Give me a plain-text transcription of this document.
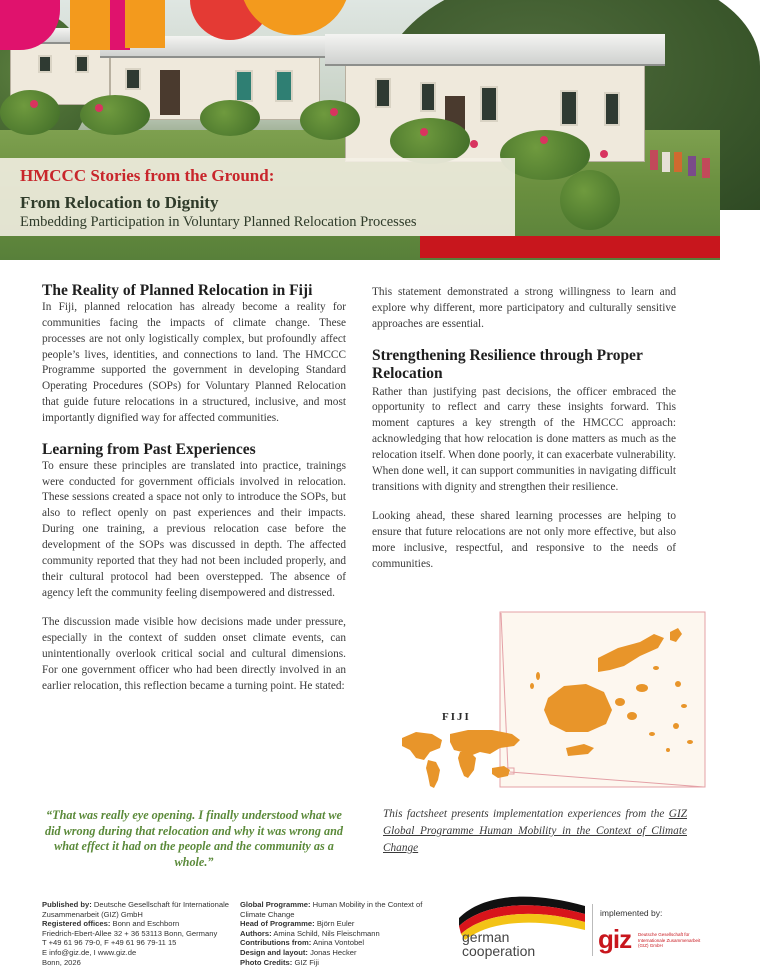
HMCCC Stories from the Ground:
From Relocation to Dignity
Embedding Participation in Voluntary Planned Relocation Processes
The Reality of Planned Relocation in Fiji

In Fiji, planned relocation has already become a reality for communities facing the impacts of climate change. These processes are not only logistically complex, but profoundly affect people’s lives, identities, and connections to land. The HMCCC Programme supported the government in developing Standard Operating Procedures (SOPs) for Voluntary Planned Relocation that guide future relocations in a structured, inclusive, and most importantly dignified way for affected communities.

Learning from Past Experiences

To ensure these principles are translated into practice, trainings were conducted for government officials involved in relocation. These sessions created a space not only to introduce the SOPs, but also to reflect openly on past experiences and their impacts. During one training, a previous relocation case before the development of the SOPs was discussed in depth. The affected community reported that they had not been included properly, and their cultural protocol had been overstepped. The absence of agency left the community feeling disempowered and distressed.

The discussion made visible how decisions made under pressure, especially in the context of sudden onset climate events, can unintentionally overlook critical social and cultural dimensions. For one government officer who had been directly involved in an earlier relocation, this reflection became a turning point. He stated:

“That was really eye opening. I finally understood what we did wrong during that relocation and why it was wrong and what effect it had on the people and the community as a whole.”

This statement demonstrated a strong willingness to learn and explore why different, more participatory and culturally sensitive approaches are essential.

Strengthening Resilience through Proper Relocation

Rather than justifying past decisions, the officer embraced the opportunity to reflect and carry these insights forward. This moment captures a key strength of the HMCCC approach: acknowledging that how relocation is done matters as much as the relocation itself. When done poorly, it can exacerbate vulnerability. When done well, it can support communities in navigating difficult transitions with dignity and strengthen their resilience.

Looking ahead, these shared learning processes are helping to ensure that future relocations are not only more effective, but also more inclusive, respectful, and responsive to the needs of communities.

FIJI
This factsheet presents implementation experiences from the GIZ Global Programme Human Mobility in the Context of Climate Change
Published by: Deutsche Gesellschaft für Internationale Zusammenarbeit (GIZ) GmbH
Registered offices: Bonn and Eschborn
Friedrich-Ebert-Allee 32 + 36 53113 Bonn, Germany
T +49 61 96 79-0, F +49 61 96 79-11 15
E info@giz.de, I www.giz.de
Bonn, 2026
Global Programme: Human Mobility in the Context of Climate Change
Head of Programme: Björn Euler
Authors: Amina Schild, Nils Fleischmann
Contributions from: Anina Vontobel
Design and layout: Jonas Hecker
Photo Credits: GIZ Fiji
german
cooperation
implemented by:
giz Deutsche Gesellschaft für Internationale Zusammenarbeit (GIZ) GmbH
